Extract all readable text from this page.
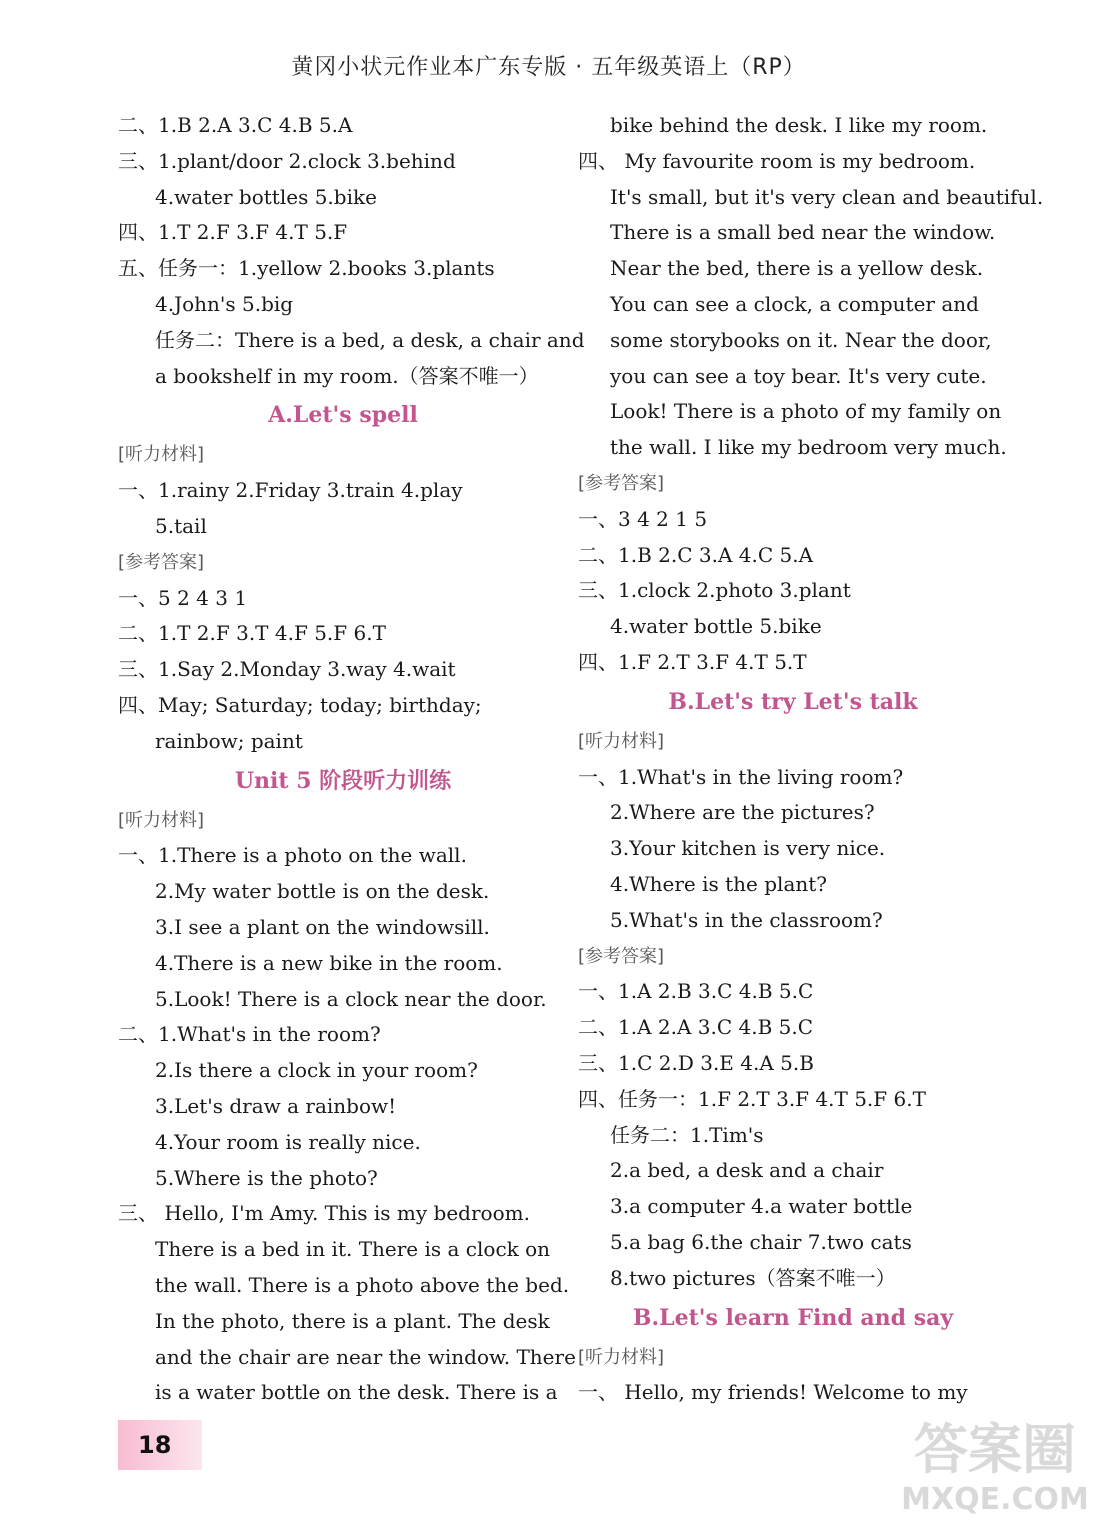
黄冈小状元作业本广东专版 · 五年级英语上（RP）
二、1.B 2.A 3.C 4.B 5.A
三、1.plant/door 2.clock 3.behind
4.water bottles 5.bike
四、1.T 2.F 3.F 4.T 5.F
五、任务一：1.yellow 2.books 3.plants
4.John's 5.big
任务二：There is a bed, a desk, a chair and
a bookshelf in my room.（答案不唯一）
A.Let's spell
[听力材料]
一、1.rainy 2.Friday 3.train 4.play
5.tail
[参考答案]
一、5 2 4 3 1
二、1.T 2.F 3.T 4.F 5.F 6.T
三、1.Say 2.Monday 3.way 4.wait
四、May; Saturday; today; birthday;
rainbow; paint
Unit 5 阶段听力训练
[听力材料]
一、1.There is a photo on the wall.
2.My water bottle is on the desk.
3.I see a plant on the windowsill.
4.There is a new bike in the room.
5.Look! There is a clock near the door.
二、1.What's in the room?
2.Is there a clock in your room?
3.Let's draw a rainbow!
4.Your room is really nice.
5.Where is the photo?
三、 Hello, I'm Amy. This is my bedroom.
There is a bed in it. There is a clock on
the wall. There is a photo above the bed.
In the photo, there is a plant. The desk
and the chair are near the window. There
is a water bottle on the desk. There is a
bike behind the desk. I like my room.
四、 My favourite room is my bedroom.
It's small, but it's very clean and beautiful.
There is a small bed near the window.
Near the bed, there is a yellow desk.
You can see a clock, a computer and
some storybooks on it. Near the door,
you can see a toy bear. It's very cute.
Look! There is a photo of my family on
the wall. I like my bedroom very much.
[参考答案]
一、3 4 2 1 5
二、1.B 2.C 3.A 4.C 5.A
三、1.clock 2.photo 3.plant
4.water bottle 5.bike
四、1.F 2.T 3.F 4.T 5.T
B.Let's try Let's talk
[听力材料]
一、1.What's in the living room?
2.Where are the pictures?
3.Your kitchen is very nice.
4.Where is the plant?
5.What's in the classroom?
[参考答案]
一、1.A 2.B 3.C 4.B 5.C
二、1.A 2.A 3.C 4.B 5.C
三、1.C 2.D 3.E 4.A 5.B
四、任务一：1.F 2.T 3.F 4.T 5.F 6.T
任务二：1.Tim's
2.a bed, a desk and a chair
3.a computer 4.a water bottle
5.a bag 6.the chair 7.two cats
8.two pictures（答案不唯一）
B.Let's learn Find and say
[听力材料]
一、 Hello, my friends! Welcome to my
18	答案圈
MXQE.COM
